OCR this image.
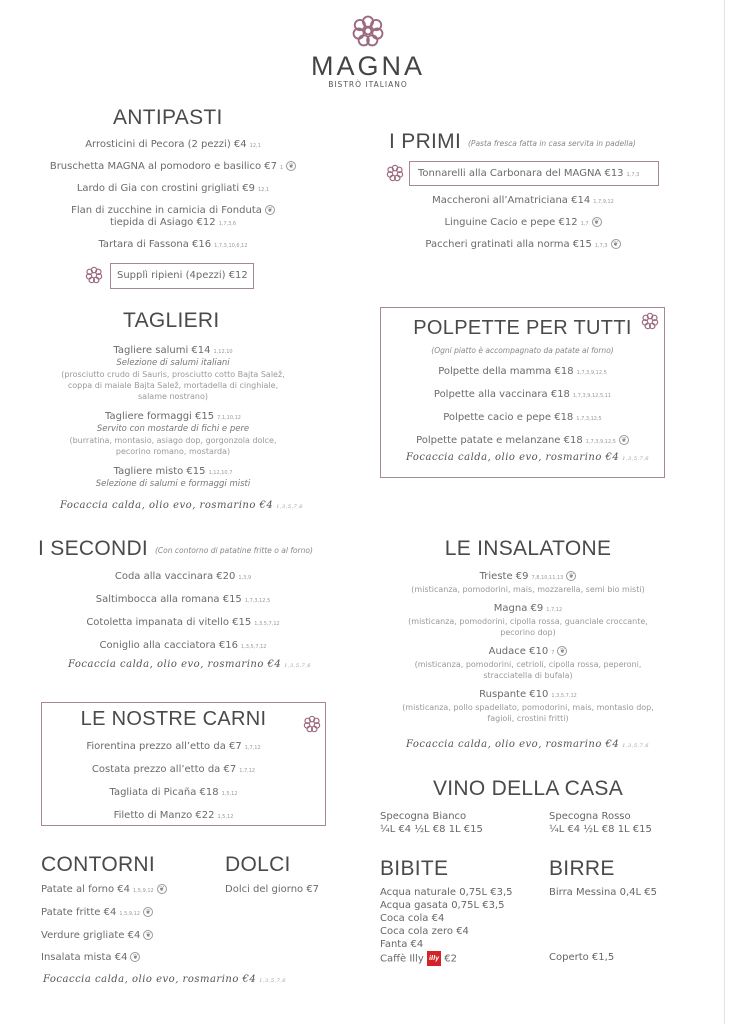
MAGNA
BISTRÒ ITALIANO
ANTIPASTI
Arrosticini di Pecora (2 pezzi) €4 12,1
Bruschetta MAGNA al pomodoro e basilico €7 1 ❦
Lardo di Gia con crostini grigliati €9 12,1
Flan di zucchine in camicia di Fonduta ❦
tiepida di Asiago €12 1,7,3,6
Tartara di Fassona €16 1,7,3,10,6,12
Supplì ripieni (4pezzi) €12
I PRIMI (Pasta fresca fatta in casa servita in padella)
Tonnarelli alla Carbonara del MAGNA €13 1,7,3
Maccheroni all’Amatriciana €14 1,7,9,12
Linguine Cacio e pepe €12 1,7 ❦
Paccheri gratinati alla norma €15 1,7,3 ❦
TAGLIERI
Tagliere salumi €14 1,12,10
Selezione di salumi italiani
(prosciutto crudo di Sauris, prosciutto cotto Bajta Salež,
coppa di maiale Bajta Salež, mortadella di cinghiale,
salame nostrano)
Tagliere formaggi €15 7,1,10,12
Servito con mostarde di fichi e pere
(burratina, montasio, asiago dop, gorgonzola dolce,
pecorino romano, mostarda)
Tagliere misto €15 1,12,10,7
Selezione di salumi e formaggi misti
Focaccia calda, olio evo, rosmarino €4 1,3,5,7,6
POLPETTE PER TUTTI
(Ogni piatto è accompagnato da patate al forno)
Polpette della mamma €18 1,7,3,9,12,5
Polpette alla vaccinara €18 1,7,3,9,12,5,11
Polpette cacio e pepe €18 1,7,3,12,5
Polpette patate e melanzane €18 1,7,3,9,12,5 ❦
Focaccia calda, olio evo, rosmarino €4 1,3,5,7,6
I SECONDI (Con contorno di patatine fritte o al forno)
Coda alla vaccinara €20 1,3,9
Saltimbocca alla romana €15 1,7,3,12,5
Cotoletta impanata di vitello €15 1,3,5,7,12
Coniglio alla cacciatora €16 1,3,5,7,12
Focaccia calda, olio evo, rosmarino €4 1,3,5,7,6
LE INSALATONE
Trieste €9 7,8,10,11,13 ❦
(misticanza, pomodorini, mais, mozzarella, semi bio misti)
Magna €9 1,7,12
(misticanza, pomodorini, cipolla rossa, guanciale croccante,
pecorino dop)
Audace €10 7 ❦
(misticanza, pomodorini, cetrioli, cipolla rossa, peperoni,
stracciatella di bufala)
Ruspante €10 1,3,5,7,12
(misticanza, pollo spadellato, pomodorini, mais, montasio dop,
fagioli, crostini fritti)
Focaccia calda, olio evo, rosmarino €4 1,3,5,7,6
LE NOSTRE CARNI
Fiorentina prezzo all’etto da €7 1,7,12
Costata prezzo all’etto da €7 1,7,12
Tagliata di Picaña €18 1,5,12
Filetto di Manzo €22 1,5,12
CONTORNI
Patate al forno €4 1,5,9,12 ❦
Patate fritte €4 1,5,9,12 ❦
Verdure grigliate €4 ❦
Insalata mista €4 ❦
DOLCI
Dolci del giorno €7
Focaccia calda, olio evo, rosmarino €4 1,3,5,7,6
VINO DELLA CASA
Specogna Bianco
¼L €4 ½L €8 1L €15
Specogna Rosso
¼L €4 ½L €8 1L €15
BIBITE
Acqua naturale 0,75L €3,5
Acqua gasata 0,75L €3,5
Coca cola €4
Coca cola zero €4
Fanta €4
Caffè Illy illy €2
BIRRE
Birra Messina 0,4L €5
Coperto €1,5
